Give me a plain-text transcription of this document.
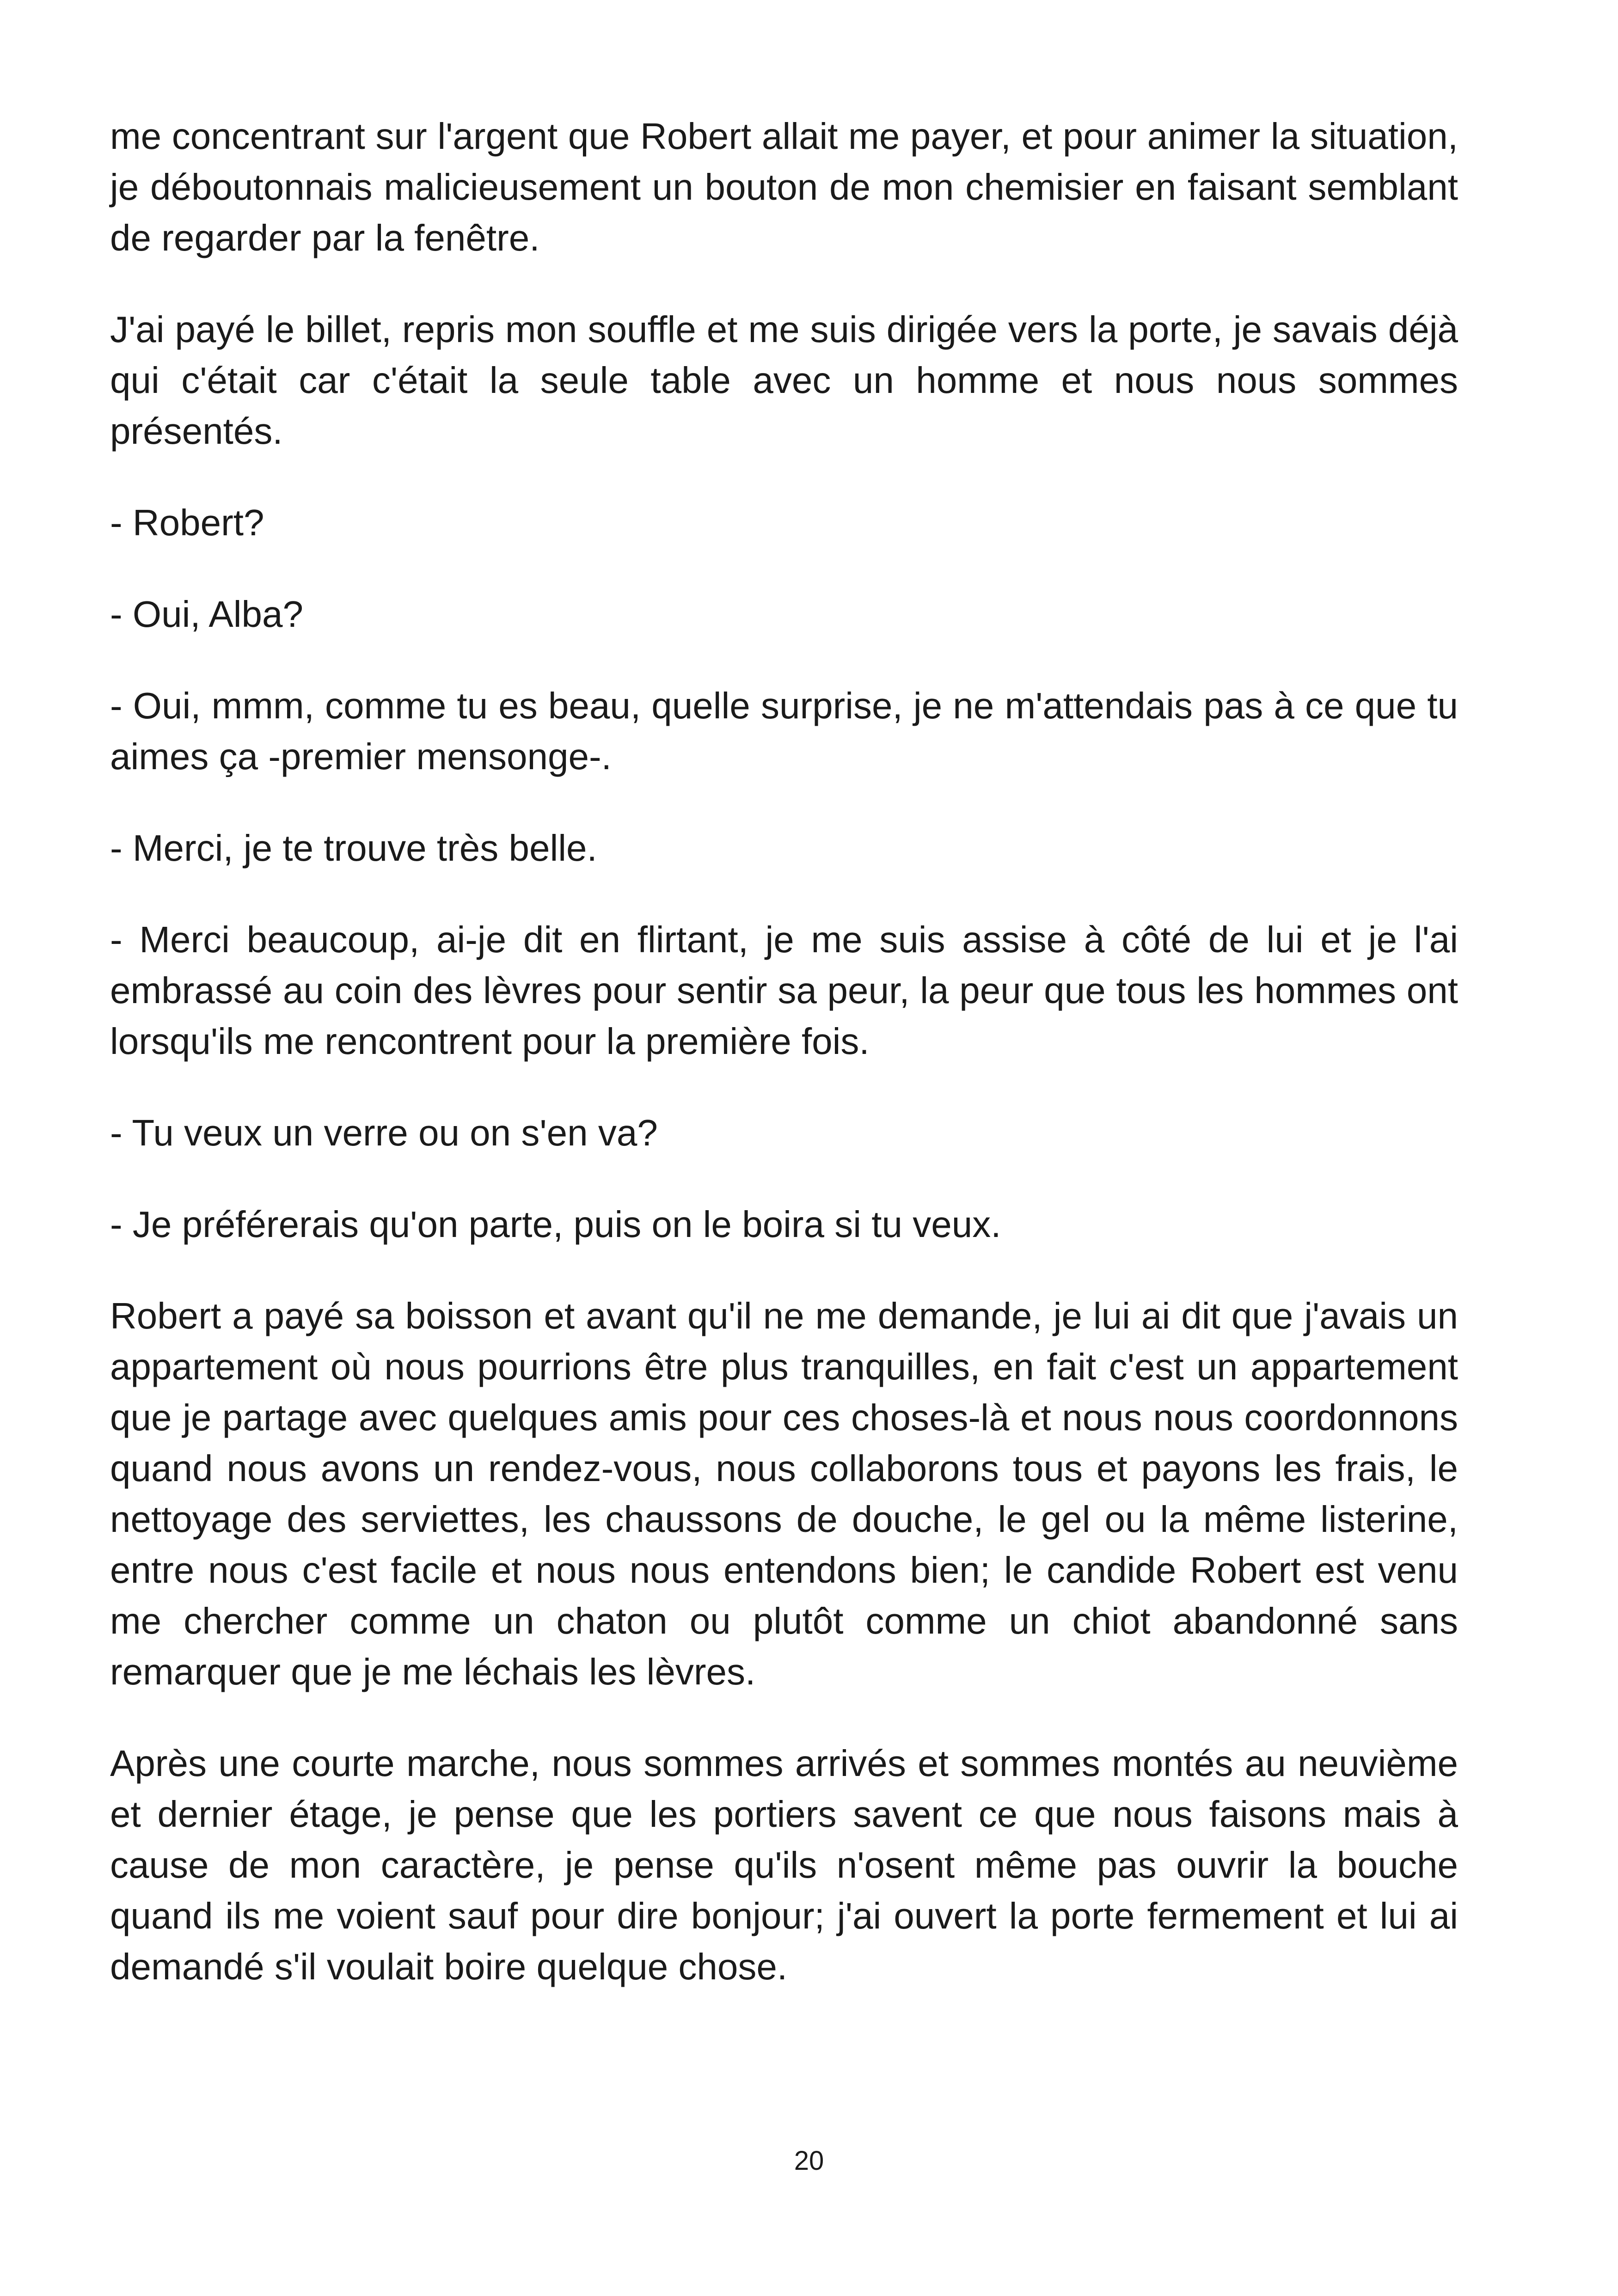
me concentrant sur l'argent que Robert allait me payer, et pour animer la situation, je déboutonnais malicieusement un bouton de mon chemisier en faisant semblant de regarder par la fenêtre.

J'ai payé le billet, repris mon souffle et me suis dirigée vers la porte, je savais déjà qui c'était car c'était la seule table avec un homme et nous nous sommes présentés.

- Robert?

- Oui, Alba?

- Oui, mmm, comme tu es beau, quelle surprise, je ne m'attendais pas à ce que tu aimes ça -premier mensonge-.

- Merci, je te trouve très belle.

- Merci beaucoup, ai-je dit en flirtant, je me suis assise à côté de lui et je l'ai embrassé au coin des lèvres pour sentir sa peur, la peur que tous les hommes ont lorsqu'ils me rencontrent pour la première fois.

- Tu veux un verre ou on s'en va?

- Je préférerais qu'on parte, puis on le boira si tu veux.

Robert a payé sa boisson et avant qu'il ne me demande, je lui ai dit que j'avais un appartement où nous pourrions être plus tranquilles, en fait c'est un appartement que je partage avec quelques amis pour ces choses-là et nous nous coordonnons quand nous avons un rendez-vous, nous collaborons tous et payons les frais, le nettoyage des serviettes, les chaussons de douche, le gel ou la même listerine, entre nous c'est facile et nous nous entendons bien; le candide Robert est venu me chercher comme un chaton ou plutôt comme un chiot abandonné sans remarquer que je me léchais les lèvres.

Après une courte marche, nous sommes arrivés et sommes montés au neuvième et dernier étage, je pense que les portiers savent ce que nous faisons mais à cause de mon caractère, je pense qu'ils n'osent même pas ouvrir la bouche quand ils me voient sauf pour dire bonjour; j'ai ouvert la porte fermement et lui ai demandé s'il voulait boire quelque chose.

20
